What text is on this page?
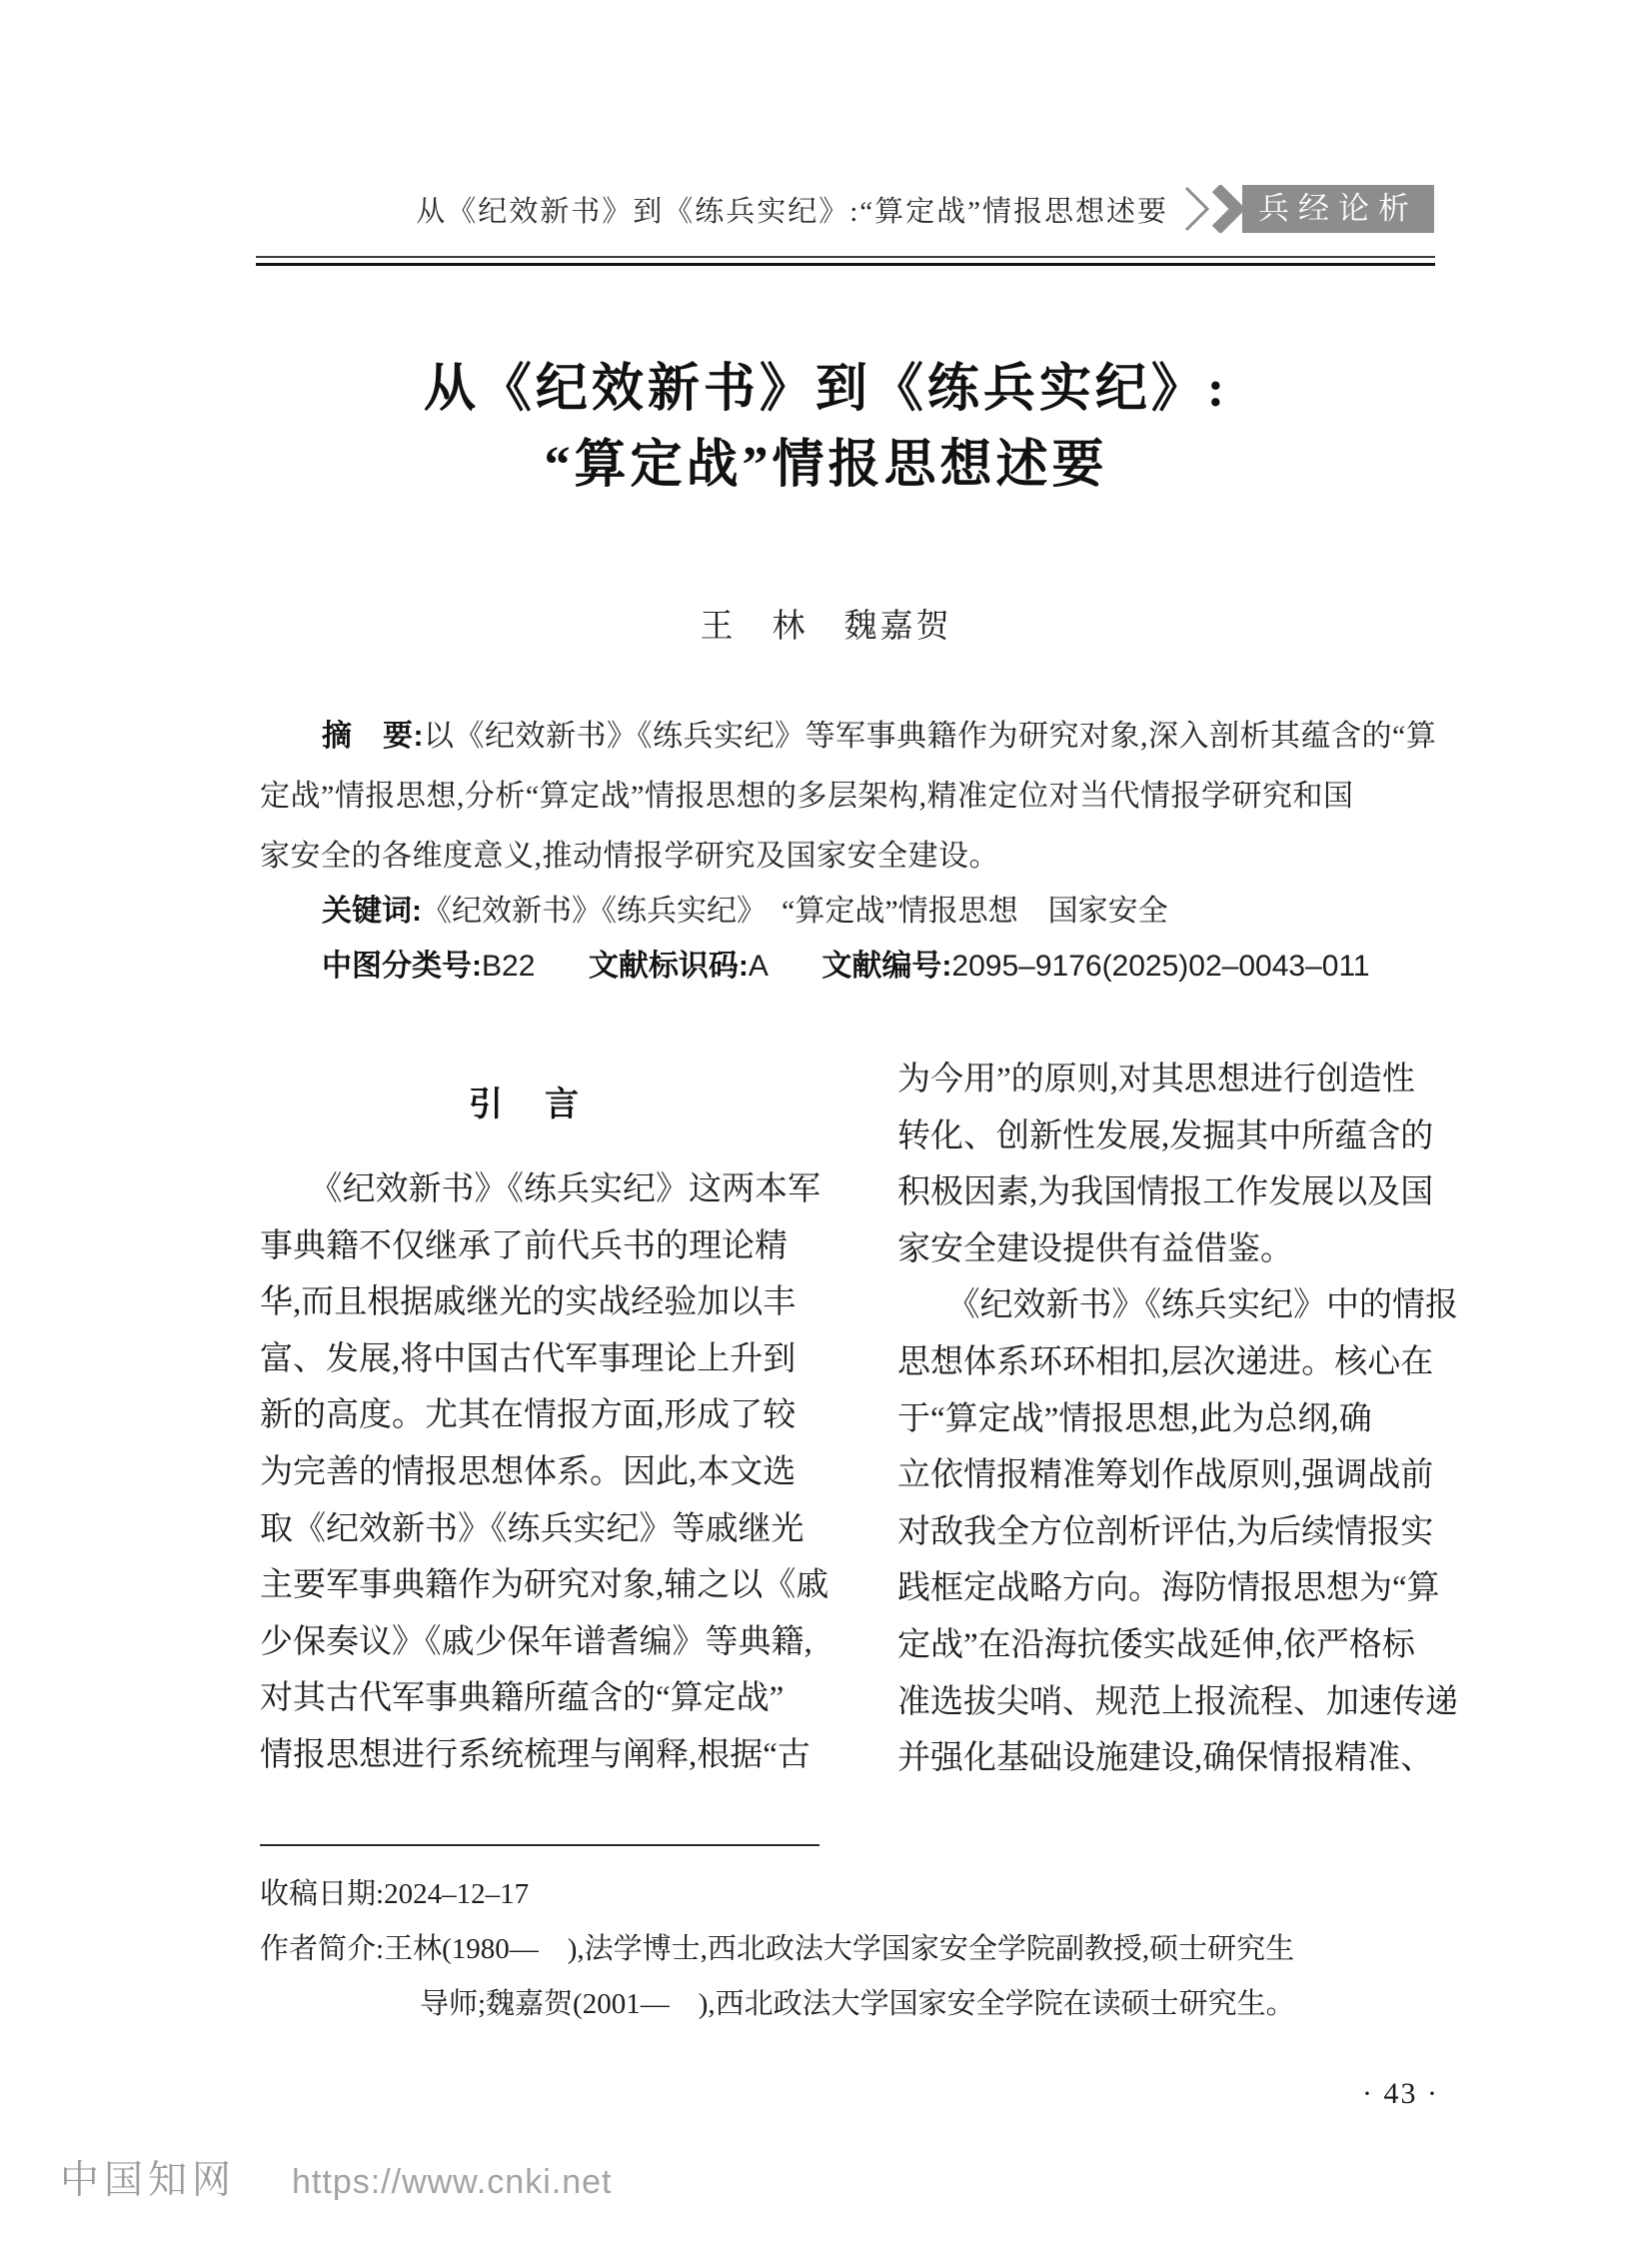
从《纪效新书》到《练兵实纪》:“算定战”情报思想述要	兵经论析
从《纪效新书》到《练兵实纪》:
“算定战”情报思想述要
王　林　魏嘉贺
摘　要:以《纪效新书》《练兵实纪》等军事典籍作为研究对象,深入剖析其蕴含的“算
定战”情报思想,分析“算定战”情报思想的多层架构,精准定位对当代情报学研究和国
家安全的各维度意义,推动情报学研究及国家安全建设。
关键词:《纪效新书》《练兵实纪》　“算定战”情报思想　国家安全
中图分类号:B22 文献标识码:A 文献编号:2095–9176(2025)02–0043–011
引　言
　　《纪效新书》《练兵实纪》这两本军
事典籍不仅继承了前代兵书的理论精
华,而且根据戚继光的实战经验加以丰
富、发展,将中国古代军事理论上升到
新的高度。尤其在情报方面,形成了较
为完善的情报思想体系。因此,本文选
取《纪效新书》《练兵实纪》等戚继光
主要军事典籍作为研究对象,辅之以《戚
少保奏议》《戚少保年谱耆编》等典籍,
对其古代军事典籍所蕴含的“算定战”
情报思想进行系统梳理与阐释,根据“古
为今用”的原则,对其思想进行创造性
转化、创新性发展,发掘其中所蕴含的
积极因素,为我国情报工作发展以及国
家安全建设提供有益借鉴。
　　《纪效新书》《练兵实纪》中的情报
思想体系环环相扣,层次递进。核心在
于“算定战”情报思想,此为总纲,确
立依情报精准筹划作战原则,强调战前
对敌我全方位剖析评估,为后续情报实
践框定战略方向。海防情报思想为“算
定战”在沿海抗倭实战延伸,依严格标
准选拔尖哨、规范上报流程、加速传递
并强化基础设施建设,确保情报精准、
收稿日期:2024–12–17
作者简介:王林(1980—　),法学博士,西北政法大学国家安全学院副教授,硕士研究生
导师;魏嘉贺(2001—　),西北政法大学国家安全学院在读硕士研究生。
· 43 ·
中国知网 https://www.cnki.net
